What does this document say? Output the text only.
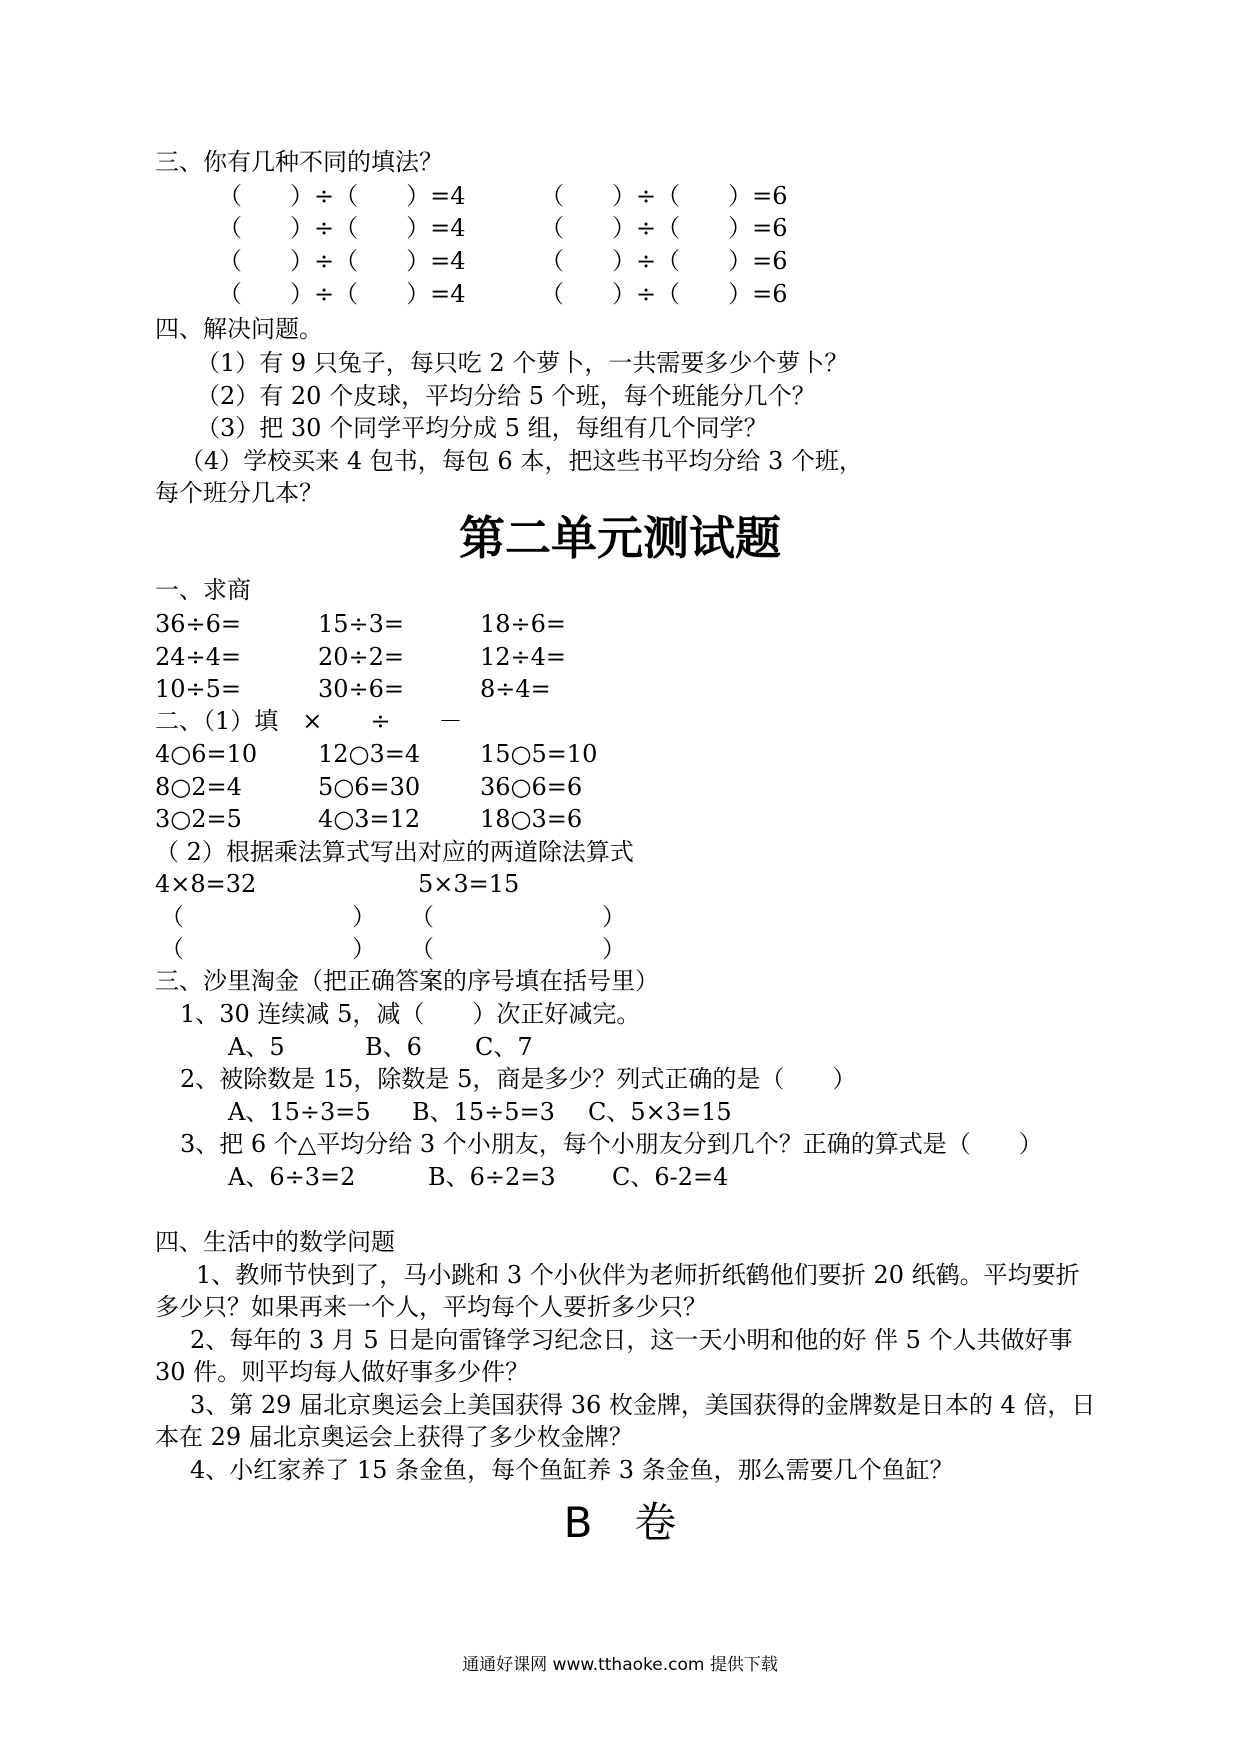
三、你有几种不同的填法？
（　　）÷（　　）=4	（　　）÷（　　）=6
（　　）÷（　　）=4	（　　）÷（　　）=6
（　　）÷（　　）=4	（　　）÷（　　）=6
（　　）÷（　　）=4	（　　）÷（　　）=6
四、解决问题。
（1）有 9 只兔子，每只吃 2 个萝卜，一共需要多少个萝卜？
（2）有 20 个皮球，平均分给 5 个班，每个班能分几个？
（3）把 30 个同学平均分成 5 组，每组有几个同学？
（4）学校买来 4 包书，每包 6 本，把这些书平均分给 3 个班，
每个班分几本？
第二单元测试题
一、求商
36÷6=	15÷3=	18÷6=
24÷4=	20÷2=	12÷4=
10÷5=	30÷6=	8÷4=
二、（1）填　×　　÷　　－
4○6=10	12○3=4 15○5=10
8○2=4	5○6=30 36○6=6
3○2=5	4○3=12 18○3=6
（ 2）根据乘法算式写出对应的两道除法算式
4×8=32	5×3=15
（　　　　　　　） （　　　　　　　）
（　　　　　　　） （　　　　　　　）
三、沙里淘金（把正确答案的序号填在括号里）
1、30 连续减 5，减（　　）次正好减完。
A、5	B、6 C、7
2、被除数是 15，除数是 5，商是多少？列式正确的是（　　）
A、15÷3=5 B、15÷5=3 C、5×3=15
3、把 6 个△平均分给 3 个小朋友，每个小朋友分到几个？正确的算式是（　　）
A、6÷3=2	B、6÷2=3 C、6-2=4
四、生活中的数学问题
1、教师节快到了，马小跳和 3 个小伙伴为老师折纸鹤他们要折 20 纸鹤。平均要折
多少只？如果再来一个人，平均每个人要折多少只？
2、每年的 3 月 5 日是向雷锋学习纪念日，这一天小明和他的好 伴 5 个人共做好事
30 件。则平均每人做好事多少件？
3、第 29 届北京奥运会上美国获得 36 枚金牌，美国获得的金牌数是日本的 4 倍，日
本在 29 届北京奥运会上获得了多少枚金牌？
4、小红家养了 15 条金鱼，每个鱼缸养 3 条金鱼，那么需要几个鱼缸？
B　卷
通通好课网 www.tthaoke.com 提供下载
